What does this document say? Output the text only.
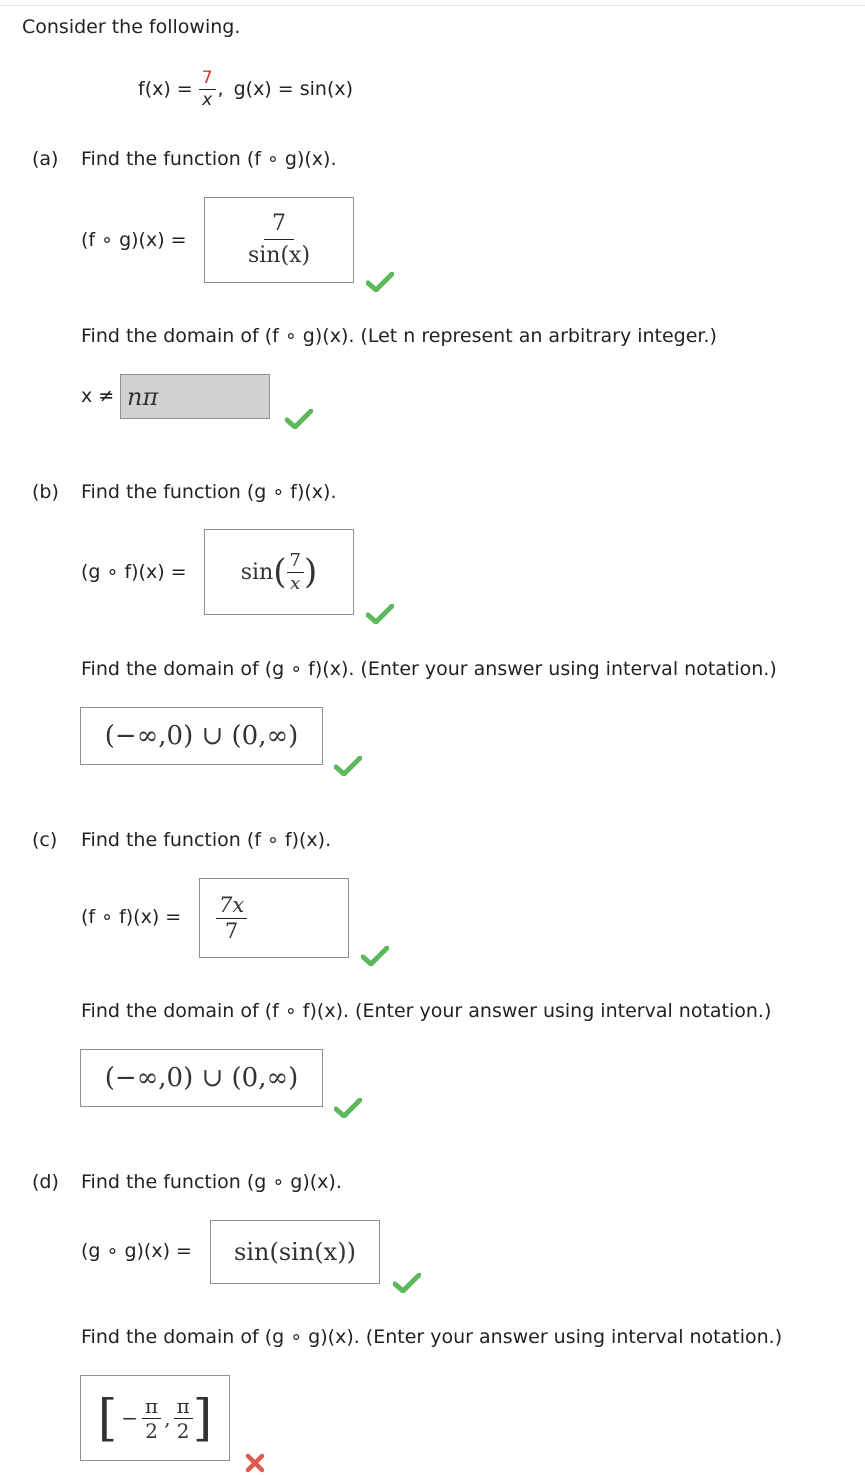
Consider the following.
$f(x) = \frac{7}{x}$ , g(x) = sin(x)
(a) Find the function (f ∘ g)(x).
(f ∘ g)(x) =	$\frac{7}{\sin(x)}$
Find the domain of (f ∘ g)(x). (Let n represent an arbitrary integer.)
x ≠ nπ
(b) Find the function (g ∘ f)(x).
(g ∘ f)(x) = sin ( $\frac{7}{x}$ )
Find the domain of (g ∘ f)(x). (Enter your answer using interval notation.)
(−∞,0) ∪ (0,∞)
(c) Find the function (f ∘ f)(x).
(f ∘ $f)(x) = \frac{7x}{7}$
Find the domain of (f ∘ f)(x). (Enter your answer using interval notation.)
(−∞,0) ∪ (0,∞)
(d) Find the function (g ∘ g)(x).
(g ∘ g)(x) = sin(sin(x))
Find the domain of (g ∘ g)(x). (Enter your answer using interval notation.)
[ − $\frac{\pi}{2}$ , $\frac{\pi}{2}$ ]
